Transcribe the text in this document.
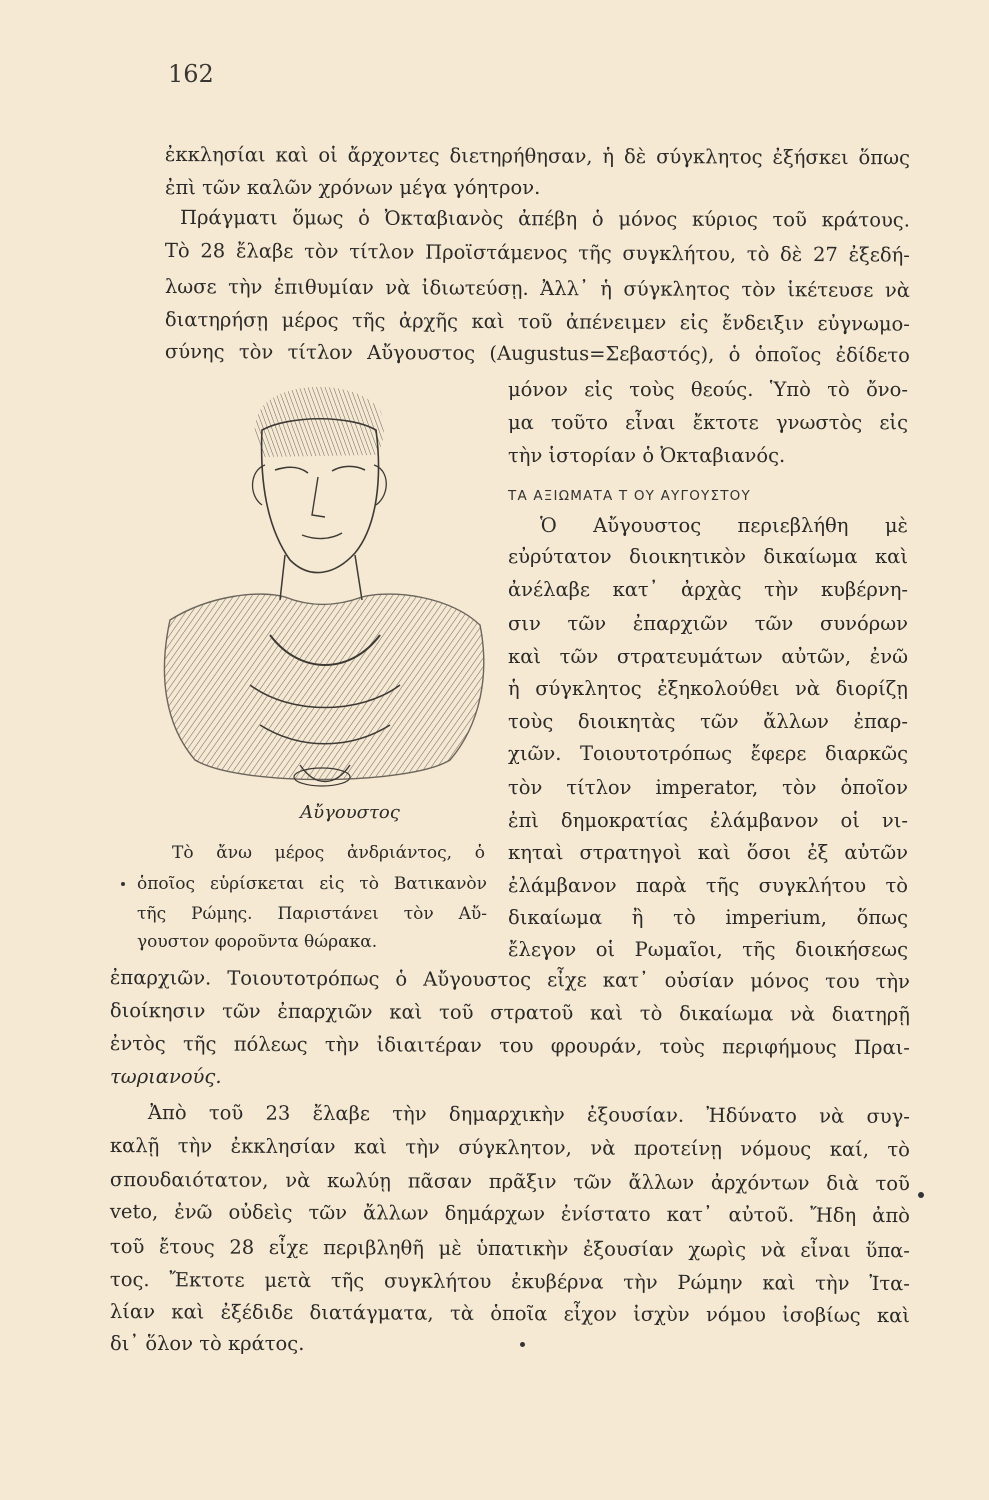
162
ἐκκλησίαι καὶ οἱ ἄρχοντες διετηρήθησαν, ἡ δὲ σύγκλητος ἐξήσκει ὅπως
ἐπὶ τῶν καλῶν χρόνων μέγα γόητρον.
Πράγματι ὅμως ὁ Ὀκταβιανὸς ἀπέβη ὁ μόνος κύριος τοῦ κράτους.
Τὸ 28 ἔλαβε τὸν τίτλον Προϊστάμενος τῆς συγκλήτου, τὸ δὲ 27 ἐξεδή-
λωσε τὴν ἐπιθυμίαν νὰ ἰδιωτεύσῃ. Ἀλλ᾽ ἡ σύγκλητος τὸν ἱκέτευσε νὰ
διατηρήσῃ μέρος τῆς ἀρχῆς καὶ τοῦ ἀπένειμεν εἰς ἔνδειξιν εὐγνωμο-
σύνης τὸν τίτλον Αὔγουστος (Augustus=Σεβαστός), ὁ ὁποῖος ἐδίδετο
μόνον εἰς τοὺς θεούς. Ὑπὸ τὸ ὄνο-
μα τοῦτο εἶναι ἔκτοτε γνωστὸς εἰς
τὴν ἱστορίαν ὁ Ὀκταβιανός.
ΤΑ ΑΞΙΩΜΑΤΑ Τ ΟΥ ΑΥΓΟΥΣΤΟΥ
Ὁ Αὔγουστος περιεβλήθη μὲ
εὐρύτατον διοικητικὸν δικαίωμα καὶ
ἀνέλαβε κατ᾽ ἀρχὰς τὴν κυβέρνη-
σιν τῶν ἐπαρχιῶν τῶν συνόρων
καὶ τῶν στρατευμάτων αὐτῶν, ἐνῶ
ἡ σύγκλητος ἐξηκολούθει νὰ διορίζῃ
τοὺς διοικητὰς τῶν ἄλλων ἐπαρ-
χιῶν. Τοιουτοτρόπως ἔφερε διαρκῶς
τὸν τίτλον imperator, τὸν ὁποῖον
ἐπὶ δημοκρατίας ἐλάμβανον οἱ νι-
κηταὶ στρατηγοὶ καὶ ὅσοι ἐξ αὐτῶν
ἐλάμβανον παρὰ τῆς συγκλήτου τὸ
δικαίωμα ἢ τὸ imperium, ὅπως
ἔλεγον οἱ Ρωμαῖοι, τῆς διοικήσεως
Αὔγουστος
Τὸ ἄνω μέρος ἀνδριάντος, ὁ
ὁποῖος εὑρίσκεται εἰς τὸ Βατικανὸν
τῆς Ρώμης. Παριστάνει τὸν Αὔ-
γουστον φοροῦντα θώρακα.
ἐπαρχιῶν. Τοιουτοτρόπως ὁ Αὔγουστος εἶχε κατ᾽ οὐσίαν μόνος του τὴν
διοίκησιν τῶν ἐπαρχιῶν καὶ τοῦ στρατοῦ καὶ τὸ δικαίωμα νὰ διατηρῇ
ἐντὸς τῆς πόλεως τὴν ἰδιαιτέραν του φρουράν, τοὺς περιφήμους Πραι-
τωριανούς.
Ἀπὸ τοῦ 23 ἔλαβε τὴν δημαρχικὴν ἐξουσίαν. Ἠδύνατο νὰ συγ-
καλῇ τὴν ἐκκλησίαν καὶ τὴν σύγκλητον, νὰ προτείνῃ νόμους καί, τὸ
σπουδαιότατον, νὰ κωλύῃ πᾶσαν πρᾶξιν τῶν ἄλλων ἀρχόντων διὰ τοῦ
veto, ἐνῶ οὐδεὶς τῶν ἄλλων δημάρχων ἐνίστατο κατ᾽ αὐτοῦ. Ἤδη ἀπὸ
τοῦ ἔτους 28 εἶχε περιβληθῆ μὲ ὑπατικὴν ἐξουσίαν χωρὶς νὰ εἶναι ὕπα-
τος. Ἔκτοτε μετὰ τῆς συγκλήτου ἐκυβέρνα τὴν Ρώμην καὶ τὴν Ἰτα-
λίαν καὶ ἐξέδιδε διατάγματα, τὰ ὁποῖα εἶχον ἰσχὺν νόμου ἰσοβίως καὶ
δι᾽ ὅλον τὸ κράτος.
